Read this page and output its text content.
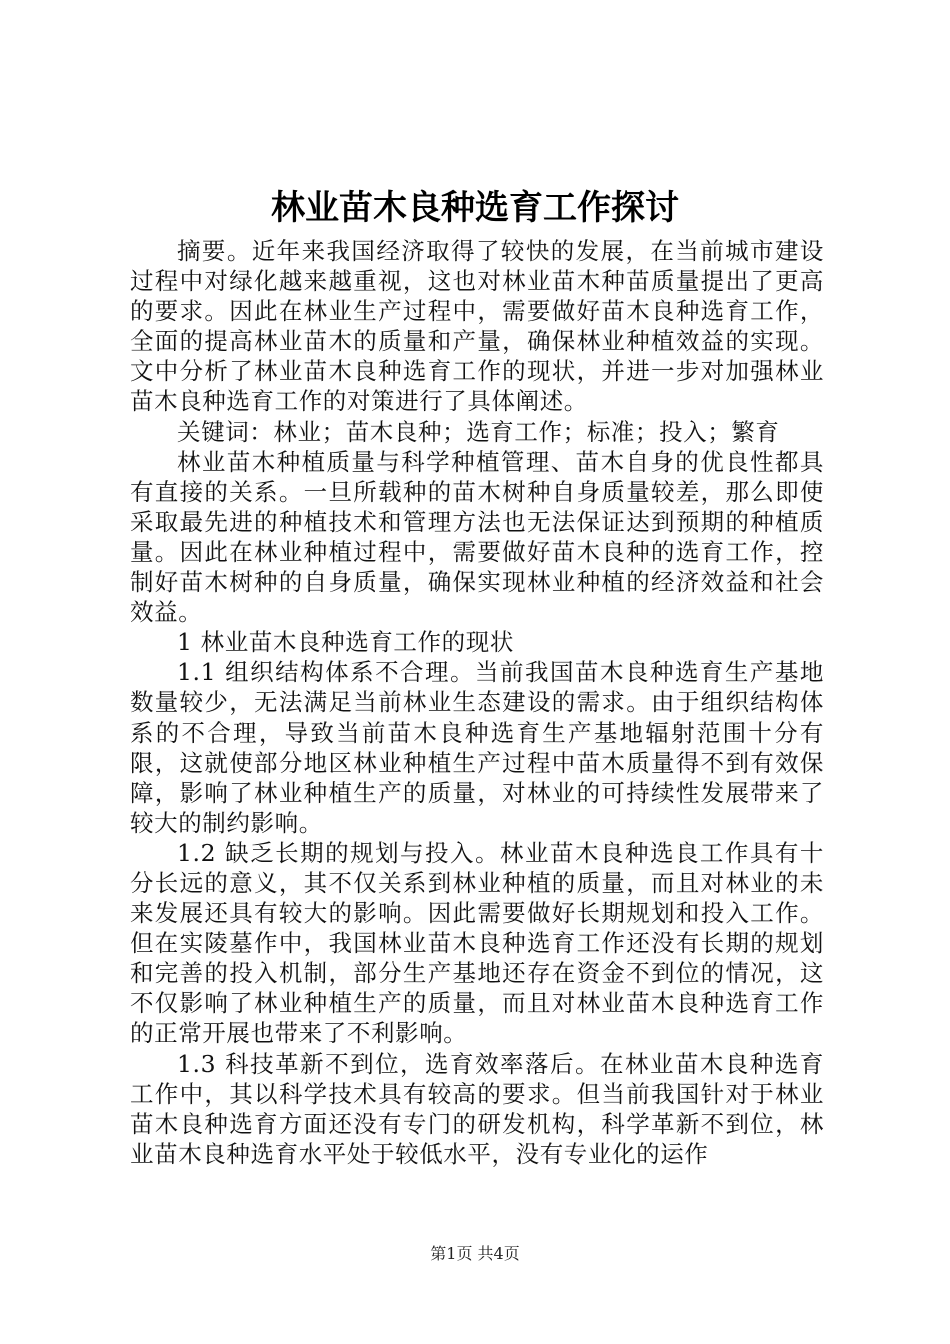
林业苗木良种选育工作探讨

摘要。近年来我国经济取得了较快的发展，在当前城市建设过程中对绿化越来越重视，这也对林业苗木种苗质量提出了更高的要求。因此在林业生产过程中，需要做好苗木良种选育工作，全面的提高林业苗木的质量和产量，确保林业种植效益的实现。文中分析了林业苗木良种选育工作的现状，并进一步对加强林业苗木良种选育工作的对策进行了具体阐述。

关键词：林业；苗木良种；选育工作；标准；投入；繁育

林业苗木种植质量与科学种植管理、苗木自身的优良性都具有直接的关系。一旦所载种的苗木树种自身质量较差，那么即使采取最先进的种植技术和管理方法也无法保证达到预期的种植质量。因此在林业种植过程中，需要做好苗木良种的选育工作，控制好苗木树种的自身质量，确保实现林业种植的经济效益和社会效益。

1 林业苗木良种选育工作的现状

1.1 组织结构体系不合理。当前我国苗木良种选育生产基地数量较少，无法满足当前林业生态建设的需求。由于组织结构体系的不合理，导致当前苗木良种选育生产基地辐射范围十分有限，这就使部分地区林业种植生产过程中苗木质量得不到有效保障，影响了林业种植生产的质量，对林业的可持续性发展带来了较大的制约影响。

1.2 缺乏长期的规划与投入。林业苗木良种选良工作具有十分长远的意义，其不仅关系到林业种植的质量，而且对林业的未来发展还具有较大的影响。因此需要做好长期规划和投入工作。但在实陵墓作中，我国林业苗木良种选育工作还没有长期的规划和完善的投入机制，部分生产基地还存在资金不到位的情况，这不仅影响了林业种植生产的质量，而且对林业苗木良种选育工作的正常开展也带来了不利影响。

1.3 科技革新不到位，选育效率落后。在林业苗木良种选育工作中，其以科学技术具有较高的要求。但当前我国针对于林业苗木良种选育方面还没有专门的研发机构，科学革新不到位，林业苗木良种选育水平处于较低水平，没有专业化的运作

第1页 共4页
